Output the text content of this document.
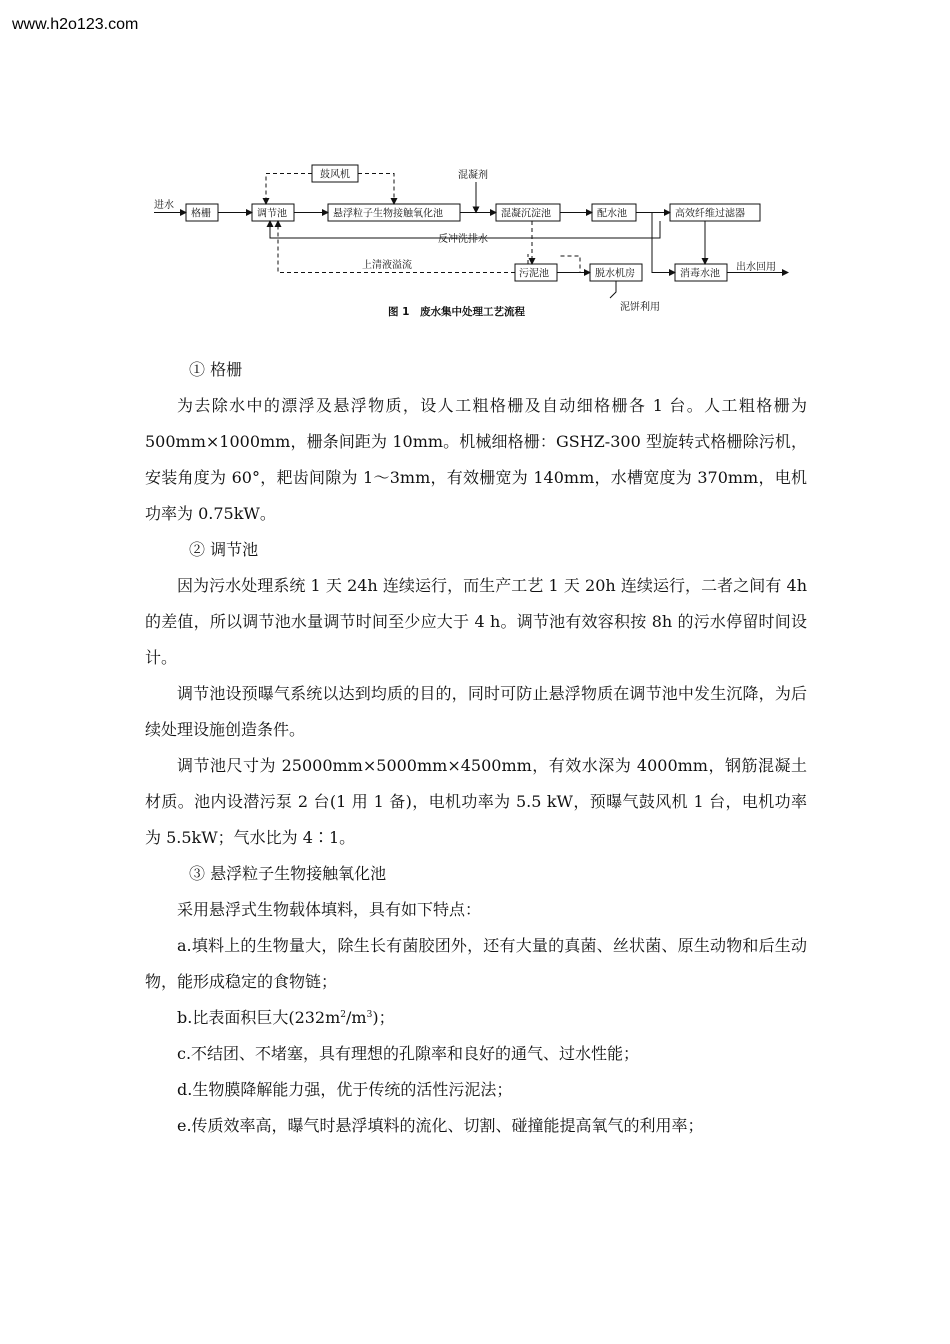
www.h2o123.com
格栅	调节池
鼓风机
悬浮粒子生物接触氧化池	混凝沉淀池	配水池	高效纤维过滤器
污泥池	脱水机房	消毒水池
进水
混凝剂
反冲洗排水
上清液溢流	出水回用
泥饼利用
图 1　废水集中处理工艺流程

① 格栅

为去除水中的漂浮及悬浮物质，设人工粗格栅及自动细格栅各 1 台。人工粗格栅为 500mm×1000mm，栅条间距为 10mm。机械细格栅：GSHZ-300 型旋转式格栅除污机，安装角度为 60°，耙齿间隙为 1～3mm，有效栅宽为 140mm，水槽宽度为 370mm，电机功率为 0.75kW。

② 调节池

因为污水处理系统 1 天 24h 连续运行，而生产工艺 1 天 20h 连续运行，二者之间有 4h 的差值，所以调节池水量调节时间至少应大于 4 h。调节池有效容积按 8h 的污水停留时间设计。

调节池设预曝气系统以达到均质的目的，同时可防止悬浮物质在调节池中发生沉降，为后续处理设施创造条件。

调节池尺寸为 25000mm×5000mm×4500mm，有效水深为 4000mm，钢筋混凝土材质。池内设潜污泵 2 台(1 用 1 备)，电机功率为 5.5 kW，预曝气鼓风机 1 台，电机功率为 5.5kW；气水比为 4∶1。

③ 悬浮粒子生物接触氧化池

采用悬浮式生物载体填料，具有如下特点：

a.填料上的生物量大，除生长有菌胶团外，还有大量的真菌、丝状菌、原生动物和后生动物，能形成稳定的食物链；

b.比表面积巨大$(232m^2/m^3)$；

c.不结团、不堵塞，具有理想的孔隙率和良好的通气、过水性能；

d.生物膜降解能力强，优于传统的活性污泥法；

e.传质效率高，曝气时悬浮填料的流化、切割、碰撞能提高氧气的利用率；
